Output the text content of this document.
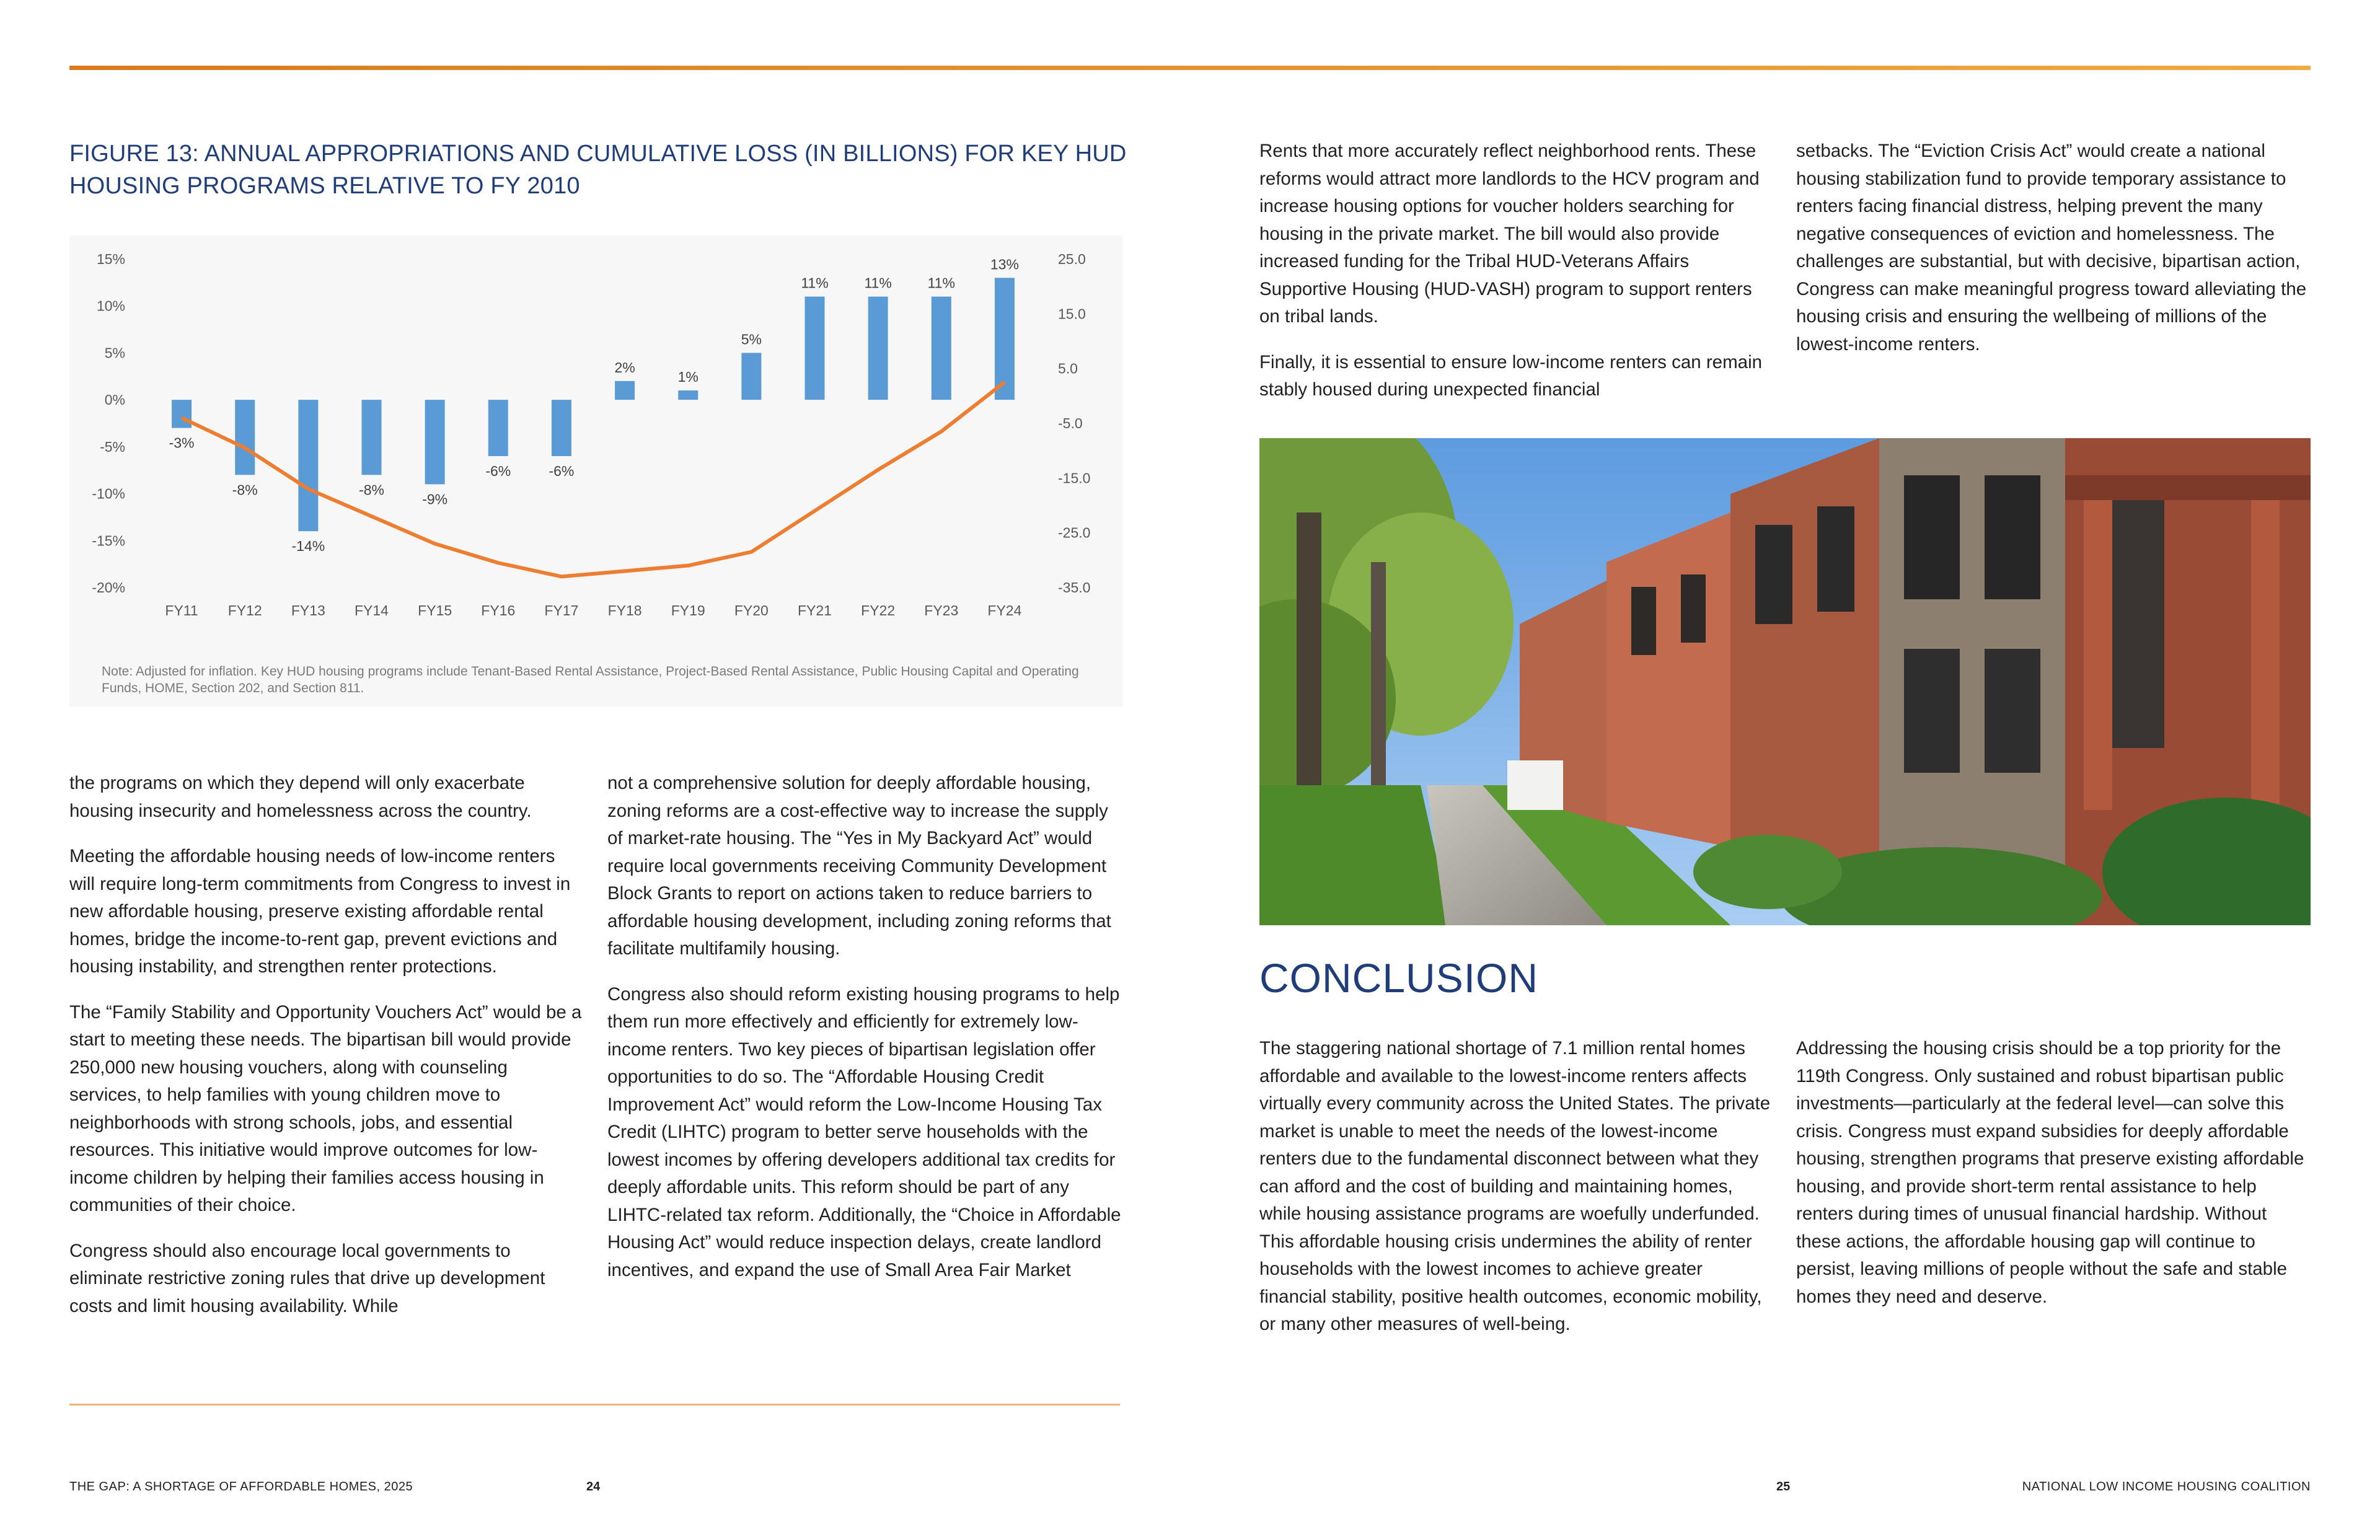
FIGURE 13: ANNUAL APPROPRIATIONS AND CUMULATIVE LOSS (IN BILLIONS) FOR KEY HUD HOUSING PROGRAMS RELATIVE TO FY 2010
15%
10%
5%
0%
-5%
-10%
-15%
-20%
25.0
15.0
5.0
-5.0
-15.0
-25.0
-35.0
-3%
-8%
-14%
-8%
-9%
-6%	-6%
2%
1%
5%
11%	11%	11%
13%
FY11 FY12 FY13 FY14 FY15 FY16 FY17 FY18 FY19 FY20 FY21 FY22 FY23 FY24
Note: Adjusted for inflation. Key HUD housing programs include Tenant-Based Rental Assistance, Project-Based Rental Assistance, Public Housing Capital and Operating Funds, HOME, Section 202, and Section 811.

the programs on which they depend will only exacerbate housing insecurity and homelessness across the country.

Meeting the affordable housing needs of low-income renters will require long-term commitments from Congress to invest in new affordable housing, preserve existing affordable rental homes, bridge the income-to-rent gap, prevent evictions and housing instability, and strengthen renter protections.

The “Family Stability and Opportunity Vouchers Act” would be a start to meeting these needs. The bipartisan bill would provide 250,000 new housing vouchers, along with counseling services, to help families with young children move to neighborhoods with strong schools, jobs, and essential resources. This initiative would improve outcomes for low-income children by helping their families access housing in communities of their choice.

Congress should also encourage local governments to eliminate restrictive zoning rules that drive up development costs and limit housing availability. While

not a comprehensive solution for deeply affordable housing, zoning reforms are a cost-effective way to increase the supply of market-rate housing. The “Yes in My Backyard Act” would require local governments receiving Community Development Block Grants to report on actions taken to reduce barriers to affordable housing development, including zoning reforms that facilitate multifamily housing.

Congress also should reform existing housing programs to help them run more effectively and efficiently for extremely low-income renters. Two key pieces of bipartisan legislation offer opportunities to do so. The “Affordable Housing Credit Improvement Act” would reform the Low-Income Housing Tax Credit (LIHTC) program to better serve households with the lowest incomes by offering developers additional tax credits for deeply affordable units. This reform should be part of any LIHTC-related tax reform. Additionally, the “Choice in Affordable Housing Act” would reduce inspection delays, create landlord incentives, and expand the use of Small Area Fair Market

Rents that more accurately reflect neighborhood rents. These reforms would attract more landlords to the HCV program and increase housing options for voucher holders searching for housing in the private market. The bill would also provide increased funding for the Tribal HUD-Veterans Affairs Supportive Housing (HUD-VASH) program to support renters on tribal lands.

Finally, it is essential to ensure low-income renters can remain stably housed during unexpected financial

setbacks. The “Eviction Crisis Act” would create a national housing stabilization fund to provide temporary assistance to renters facing financial distress, helping prevent the many negative consequences of eviction and homelessness. The challenges are substantial, but with decisive, bipartisan action, Congress can make meaningful progress toward alleviating the housing crisis and ensuring the wellbeing of millions of the lowest-income renters.

CONCLUSION

The staggering national shortage of 7.1 million rental homes affordable and available to the lowest-income renters affects virtually every community across the United States. The private market is unable to meet the needs of the lowest-income renters due to the fundamental disconnect between what they can afford and the cost of building and maintaining homes, while housing assistance programs are woefully underfunded. This affordable housing crisis undermines the ability of renter households with the lowest incomes to achieve greater financial stability, positive health outcomes, economic mobility, or many other measures of well-being.

Addressing the housing crisis should be a top priority for the 119th Congress. Only sustained and robust bipartisan public investments—particularly at the federal level—can solve this crisis. Congress must expand subsidies for deeply affordable housing, strengthen programs that preserve existing affordable housing, and provide short-term rental assistance to help renters during times of unusual financial hardship. Without these actions, the affordable housing gap will continue to persist, leaving millions of people without the safe and stable homes they need and deserve.

THE GAP: A SHORTAGE OF AFFORDABLE HOMES, 2025	24	25	NATIONAL LOW INCOME HOUSING COALITION
